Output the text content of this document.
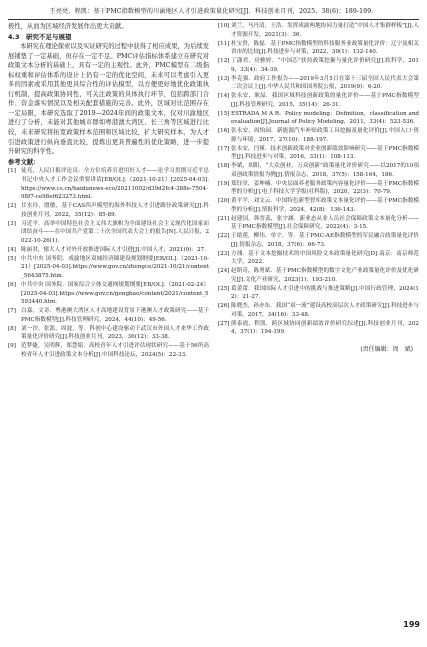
王亮亮，程凯：基于PMC指数模型的川渝地区人才引进政策量化研究[J]．科技创业月刊，2025，38(6)：189-199．
极性，从而为区域经济发展作出更大贡献。
4.3　研究不足与展望
本研究在理论探索以及实证研究的过程中获得了相应成果，为后续发展铺垫了一定基础，但存在一定不足。PMC评估指标体系建立在研究对政策文本分析的基础上，具有一定的主观性。此外，PMC模型在二级指标权重和评估体系的设计上仍有一定的优化空间，未来可以考虑引入更多的因素或采用其他更具综合性的评估模型，以方便更好地优化政策执行机制，提高政策协同性，可关注政策的具体执行环节，包括跨部门合作、资金落实情况以及相关配套措施的完善。此外，区域对比范围存在一定局限，本研究选取了2019—2024年间的政策文本，仅对川渝地区进行了分析，未能对其他城市群如粤港澳大湾区、长三角等区域进行比较，未来研究将拓宽政策样本范围和区域比较，扩大研究样本，为人才引进政策进行纵向垂直比较，提炼出更具普遍性的优化策略，进一步提升研究的科学性。
参考文献：
[1] 徒亮，人民日报评论员：全方位培养引进用好人才——论学习贯彻习近平总书记中央人才工作会议重要讲话[EB/OL].（2021-10-21）[2025-04-03].https://www.cs.cn/baidunews-eco/20211002/d39d2fc4-388e-7504-98f7-ce98ef623273.html.
[2] 甘水玲，殷敏，基于CAS四声模型的海外科技人才引进路径政策研究[J].科技创业月刊，2022，35(12)：85-89.
[3] 习近平．高举中国特色社会主义伟大旗帜为全面建设社会主义现代化国家而团结奋斗——在中国共产党第二十次全国代表大会上的报告[N].人民日报，2022-10-26(1).
[4] 陈丽君，郁大人才对外开放推进国际人才引进[J].中国人才，2021(9)：27.
[5] 中共中央 国务院．成渝地区双城经济圈建设规划纲要[EB/OL].（2021-10-21）[2025-04-03].https://www.gov.cn/zhengce/2021-10/21/content_5643875.htm.
[6] 中共中央 国务院．国家综合立体交通网规划纲要[EB/OL].（2021-02-24）[2025-04-03].https://www.gov.cn/gongbao/content/2021/content_5593440.htm.
[7] 白嘉，文奇．粤港澳大湾区人才高地建设背景下港澳人才政策研究——基于PMC指数模型[J].科技管理研究，2024，44(10)：49-56.
[8] 刘一沙，张凯，周波，等．科创中心建设驱动下武汉市外国人才来华工作政策量化评价研究[J].科技创业月刊，2023，36(12)：33-38.
[9] 范梦婕，吴明辉，郑慧娟．高校青年人才引进评估现状研究——基于56所高校青年人才引进政策文本分析[J].中国科技论坛，2024(5)：22-33.
[10] 刘兰，马丹清，王浩．发挥成渝两地协同力量打造“中国人才集群样板”[J].人才资源开发，2021(3)：36.
[11] 杜宝贵，陈磊．基于PMC指数模型的科技服务业政策量化评价：辽宁及相关省市的比较[J].科技进步与对策，2022，39(1)：132-140.
[12] 丁潇君，房雅婷．“中国芯”扶持政策挖掘与量化评价研究[J].软科学，2019，33(4)：34-39.
[13] 李克强．政府工作报告——2019年3月5日在第十三届全国人民代表大会第二次会议上[J].中华人民共和国国务院公报，2019(9)：6-20.
[14] 张永安，耿喆．我国区域科技创新政策的量化评价——基于PMC指数模型[J].科技管理研究，2015，35(14)：26-31.
[15] ESTRADA M A R．Policy modeling：Definition，classification and evaluation[J].Journal of Policy Modeling，2011，33(4)：523-536.
[16] 张永安，周怡园．新能源汽车补贴政策工具挖掘及量化评价[J].中国人口·资源与环境，2017，27(10)：188-197.
[17] 张永安，闫瑾．技术创新政策对企业创新绩效影响研究——基于PMC指数模型[J].科技进步与对策，2016，33(1)：108-113.
[18] 李斌，胡阳，“大众创业、万众创新”政策量化评价研究——以2017的10项双创政策情报为例[J].情报杂志，2018，37(5)：158-164，186.
[19] 郑钰堂，姜坤楠．中央层面养老服务政策内容量化评价——基于PMC指数模型的分析[J].电子科技大学学报(社科版)，2020，22(3)：70-79.
[20] 黄平平，刘文云．中国特色新型智库政策文本量化评价——基于PMC指数模型的分析[J].情报科学，2024，42(8)：136-143.
[21] 赵建国，韩晋蕊，张宇涵．新业态从业人员社会保障政策文本量化分析——基于PMC指数模型[J].社会保障研究，2022(4)：3-15.
[22] 王绪莲，柳伟，单宇，等．基于PMC-AE指数模型的军民融合政策量化评价[J].情报杂志，2018，37(6)：66-73.
[23] 方翊．基于文本挖掘技术的中国风险文本政策量化研究[D].南京：南京师范大学，2022.
[24] 赵斯奇，陈勇斌．基于PMC指数模型的数字文化产业政策量化评价及优化研究[J].文化产业研究，2023(1)：193-210.
[25] 葛蕾蕾．我国国际人才引进中的挑战与推进策略[J].中国行政管理，2024(12)：21-27.
[26] 陈晓杰，孙亦东．我国“双一流”建设高校高层次人才政策研究[J].科技进步与对策，2017，34(16)：33-48.
[27] 熊泰霞，程凯．跨区域协同创新绩效评价研究综述[J].科技创业月刊，2024，37(1)：194-199.
(责任编辑：周　斌)
199
